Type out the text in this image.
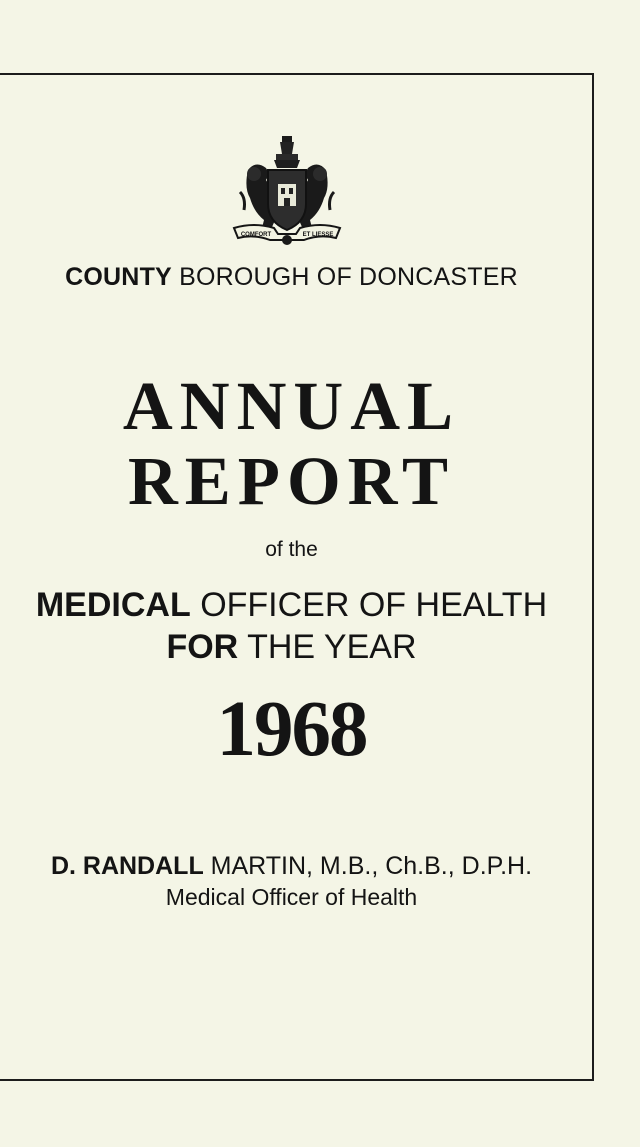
COMFORT	ET LIESSE

COUNTY BOROUGH OF DONCASTER

ANNUAL

REPORT

of the

MEDICAL OFFICER OF HEALTH

FOR THE YEAR

1968

D. RANDALL MARTIN, M.B., Ch.B., D.P.H.

Medical Officer of Health
